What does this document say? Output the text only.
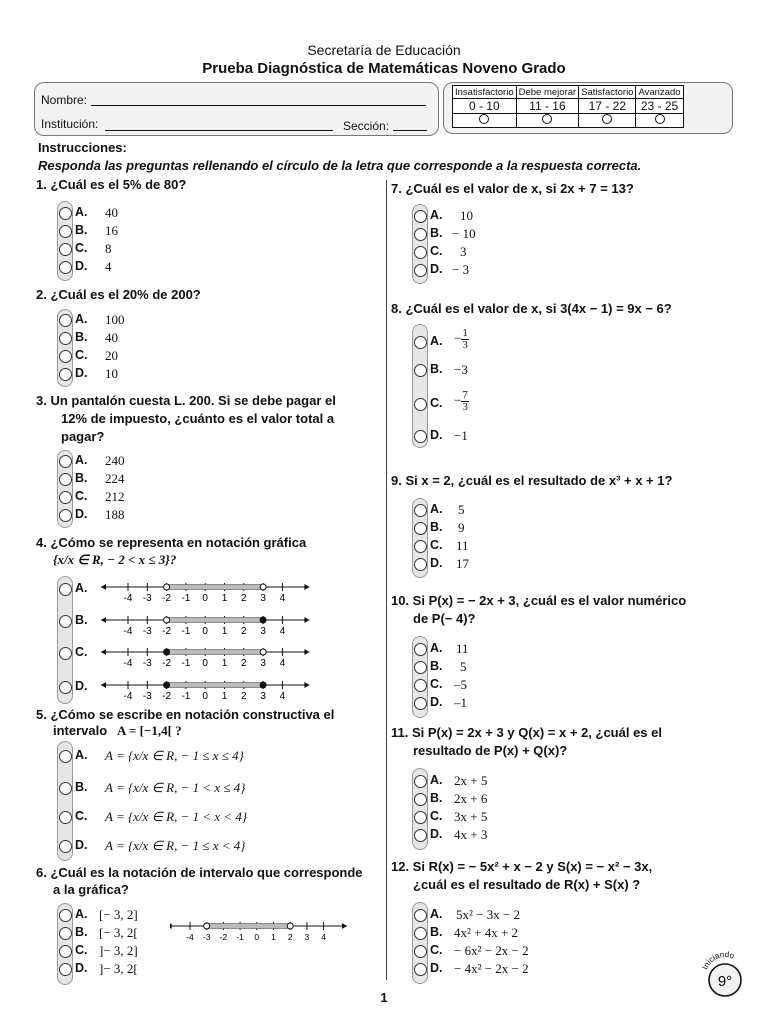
Secretaría de Educación
Prueba Diagnóstica de Matemáticas Noveno Grado
Nombre:
Institución:	Sección:
Insatisfactorio	Debe mejorar	Satisfactorio	Avanzado
0 - 10	11 - 16	17 - 22	23 - 25

Instrucciones:
Responda las preguntas rellenando el círculo de la letra que corresponde a la respuesta correcta.
1. ¿Cuál es el 5% de 80?
A. 40
B. 16
C. 8
D. 4
2. ¿Cuál es el 20% de 200?
A. 100
B. 40
C. 20
D. 10
3. Un pantalón cuesta L. 200. Si se debe pagar el
12% de impuesto, ¿cuánto es el valor total a
pagar?
A. 240
B. 224
C. 212
D. 188
4. ¿Cómo se representa en notación gráfica
{x/x ∈ R, − 2 < x ≤ 3}?
A.
B.
C.
D.
-4 -3 -2 -1 0 1 2 3 4
-4 -3 -2 -1 0 1 2 3 4
-4 -3 -2 -1 0 1 2 3 4
-4 -3 -2 -1 0 1 2 3 4
5. ¿Cómo se escribe en notación constructiva el
intervalo A = [−1,4[ ?
A. A = {x/x ∈ R, − 1 ≤ x ≤ 4}
B. A = {x/x ∈ R, − 1 < x ≤ 4}
C. A = {x/x ∈ R, − 1 < x < 4}
D. A = {x/x ∈ R, − 1 ≤ x < 4}
6. ¿Cuál es la notación de intervalo que corresponde
a la gráfica?
A. [− 3, 2]
B. [− 3, 2[
C. ]− 3, 2]
D. ]− 3, 2[
-4 -3 -2 -1 0 1 2 3 4
7. ¿Cuál es el valor de x, si 2x + 7 = 13?
A. 10
B. − 10
C. 3
D. − 3
8. ¿Cuál es el valor de x, si 3(4x − 1) = 9x − 6?
A. − $\frac{1}{3}$
B. −3
C. − $\frac{7}{3}$
D. −1
9. Si x = 2, ¿cuál es el resultado de x³ + x + 1?
A. 5
B. 9
C. 11
D. 17
10. Si P(x) = − 2x + 3, ¿cuál es el valor numérico
de P(− 4)?
A. 11
B. 5
C. –5
D. –1
11. Si P(x) = 2x + 3 y Q(x) = x + 2, ¿cuál es el
resultado de P(x) + Q(x)?
A. 2x + 5
B. 2x + 6
C. 3x + 5
D. 4x + 3
12. Si R(x) = − 5x² + x − 2 y S(x) = − x² − 3x,
¿cuál es el resultado de R(x) + S(x) ?
A. 5x² − 3x − 2
B. 4x² + 4x + 2
C. − 6x² − 2x − 2
D. − 4x² − 2x − 2
1
Iniciando
9°
